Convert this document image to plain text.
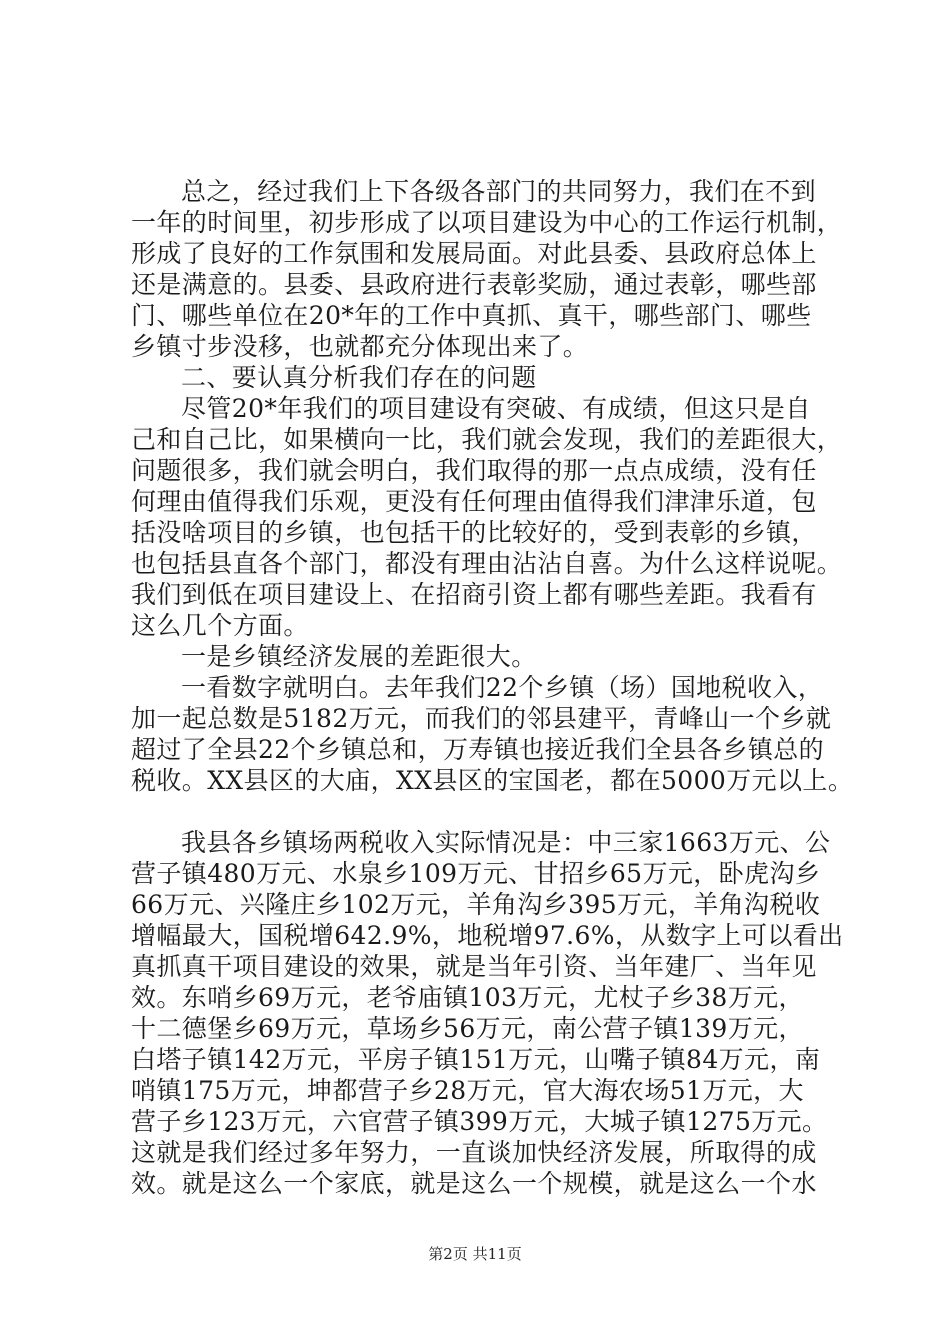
总之，经过我们上下各级各部门的共同努力，我们在不到
一年的时间里，初步形成了以项目建设为中心的工作运行机制，
形成了良好的工作氛围和发展局面。对此县委、县政府总体上
还是满意的。县委、县政府进行表彰奖励，通过表彰，哪些部
门、哪些单位在20*年的工作中真抓、真干，哪些部门、哪些
乡镇寸步没移，也就都充分体现出来了。
二、要认真分析我们存在的问题
尽管20*年我们的项目建设有突破、有成绩，但这只是自
己和自己比，如果横向一比，我们就会发现，我们的差距很大，
问题很多，我们就会明白，我们取得的那一点点成绩，没有任
何理由值得我们乐观，更没有任何理由值得我们津津乐道，包
括没啥项目的乡镇，也包括干的比较好的，受到表彰的乡镇，
也包括县直各个部门，都没有理由沾沾自喜。为什么这样说呢。
我们到低在项目建设上、在招商引资上都有哪些差距。我看有
这么几个方面。
一是乡镇经济发展的差距很大。
一看数字就明白。去年我们22个乡镇（场）国地税收入，
加一起总数是5182万元，而我们的邻县建平，青峰山一个乡就
超过了全县22个乡镇总和，万寿镇也接近我们全县各乡镇总的
税收。XX县区的大庙，XX县区的宝国老，都在5000万元以上。
我县各乡镇场两税收入实际情况是：中三家1663万元、公
营子镇480万元、水泉乡109万元、甘招乡65万元，卧虎沟乡
66万元、兴隆庄乡102万元，羊角沟乡395万元，羊角沟税收
增幅最大，国税增642.9%，地税增97.6%，从数字上可以看出
真抓真干项目建设的效果，就是当年引资、当年建厂、当年见
效。东哨乡69万元，老爷庙镇103万元，尤杖子乡38万元，
十二德堡乡69万元，草场乡56万元，南公营子镇139万元，
白塔子镇142万元，平房子镇151万元，山嘴子镇84万元，南
哨镇175万元，坤都营子乡28万元，官大海农场51万元，大
营子乡123万元，六官营子镇399万元，大城子镇1275万元。
这就是我们经过多年努力，一直谈加快经济发展，所取得的成
效。就是这么一个家底，就是这么一个规模，就是这么一个水
第2页 共11页
